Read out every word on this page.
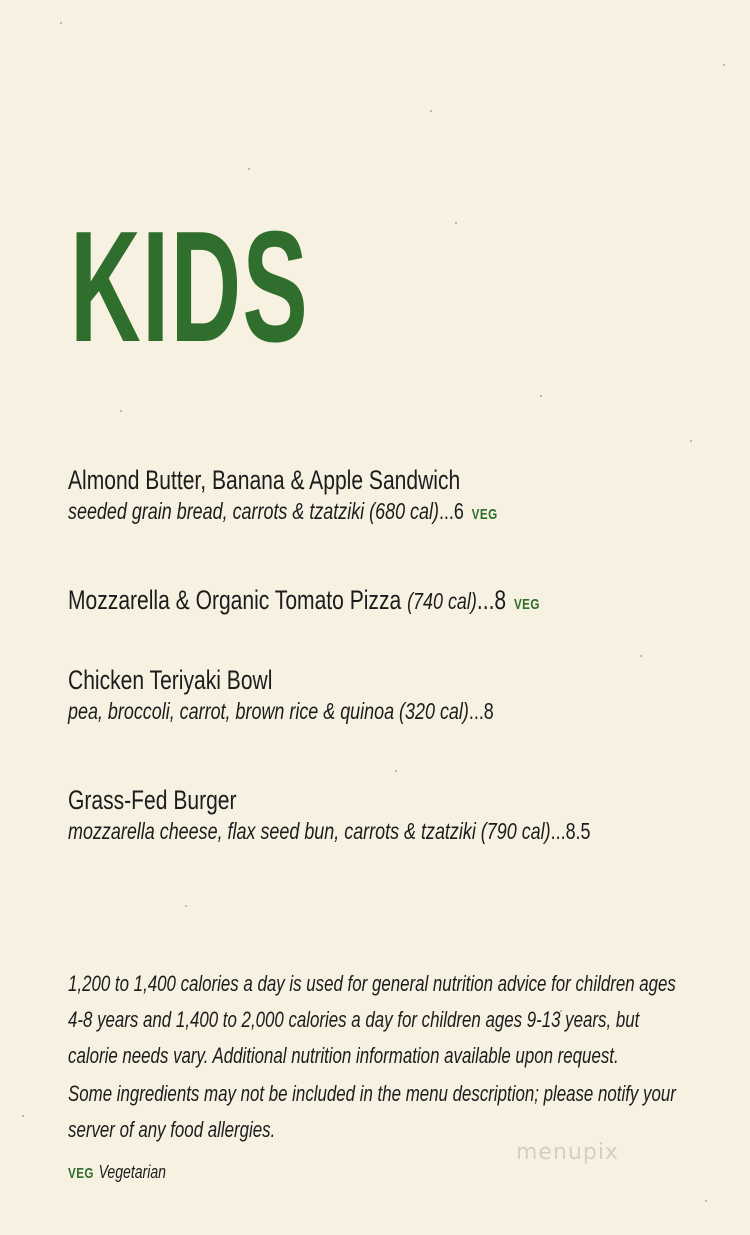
KIDS
Almond Butter, Banana & Apple Sandwich
seeded grain bread, carrots & tzatziki (680 cal)...6 VEG
Mozzarella & Organic Tomato Pizza (740 cal)...8 VEG
Chicken Teriyaki Bowl
pea, broccoli, carrot, brown rice & quinoa (320 cal)...8
Grass-Fed Burger
mozzarella cheese, flax seed bun, carrots & tzatziki (790 cal)...8.5

1,200 to 1,400 calories a day is used for general nutrition advice for children ages 4-8 years and 1,400 to 2,000 calories a day for children ages 9-13 years, but calorie needs vary. Additional nutrition information available upon request.

Some ingredients may not be included in the menu description; please notify your server of any food allergies.

VEG Vegetarian
menupix
